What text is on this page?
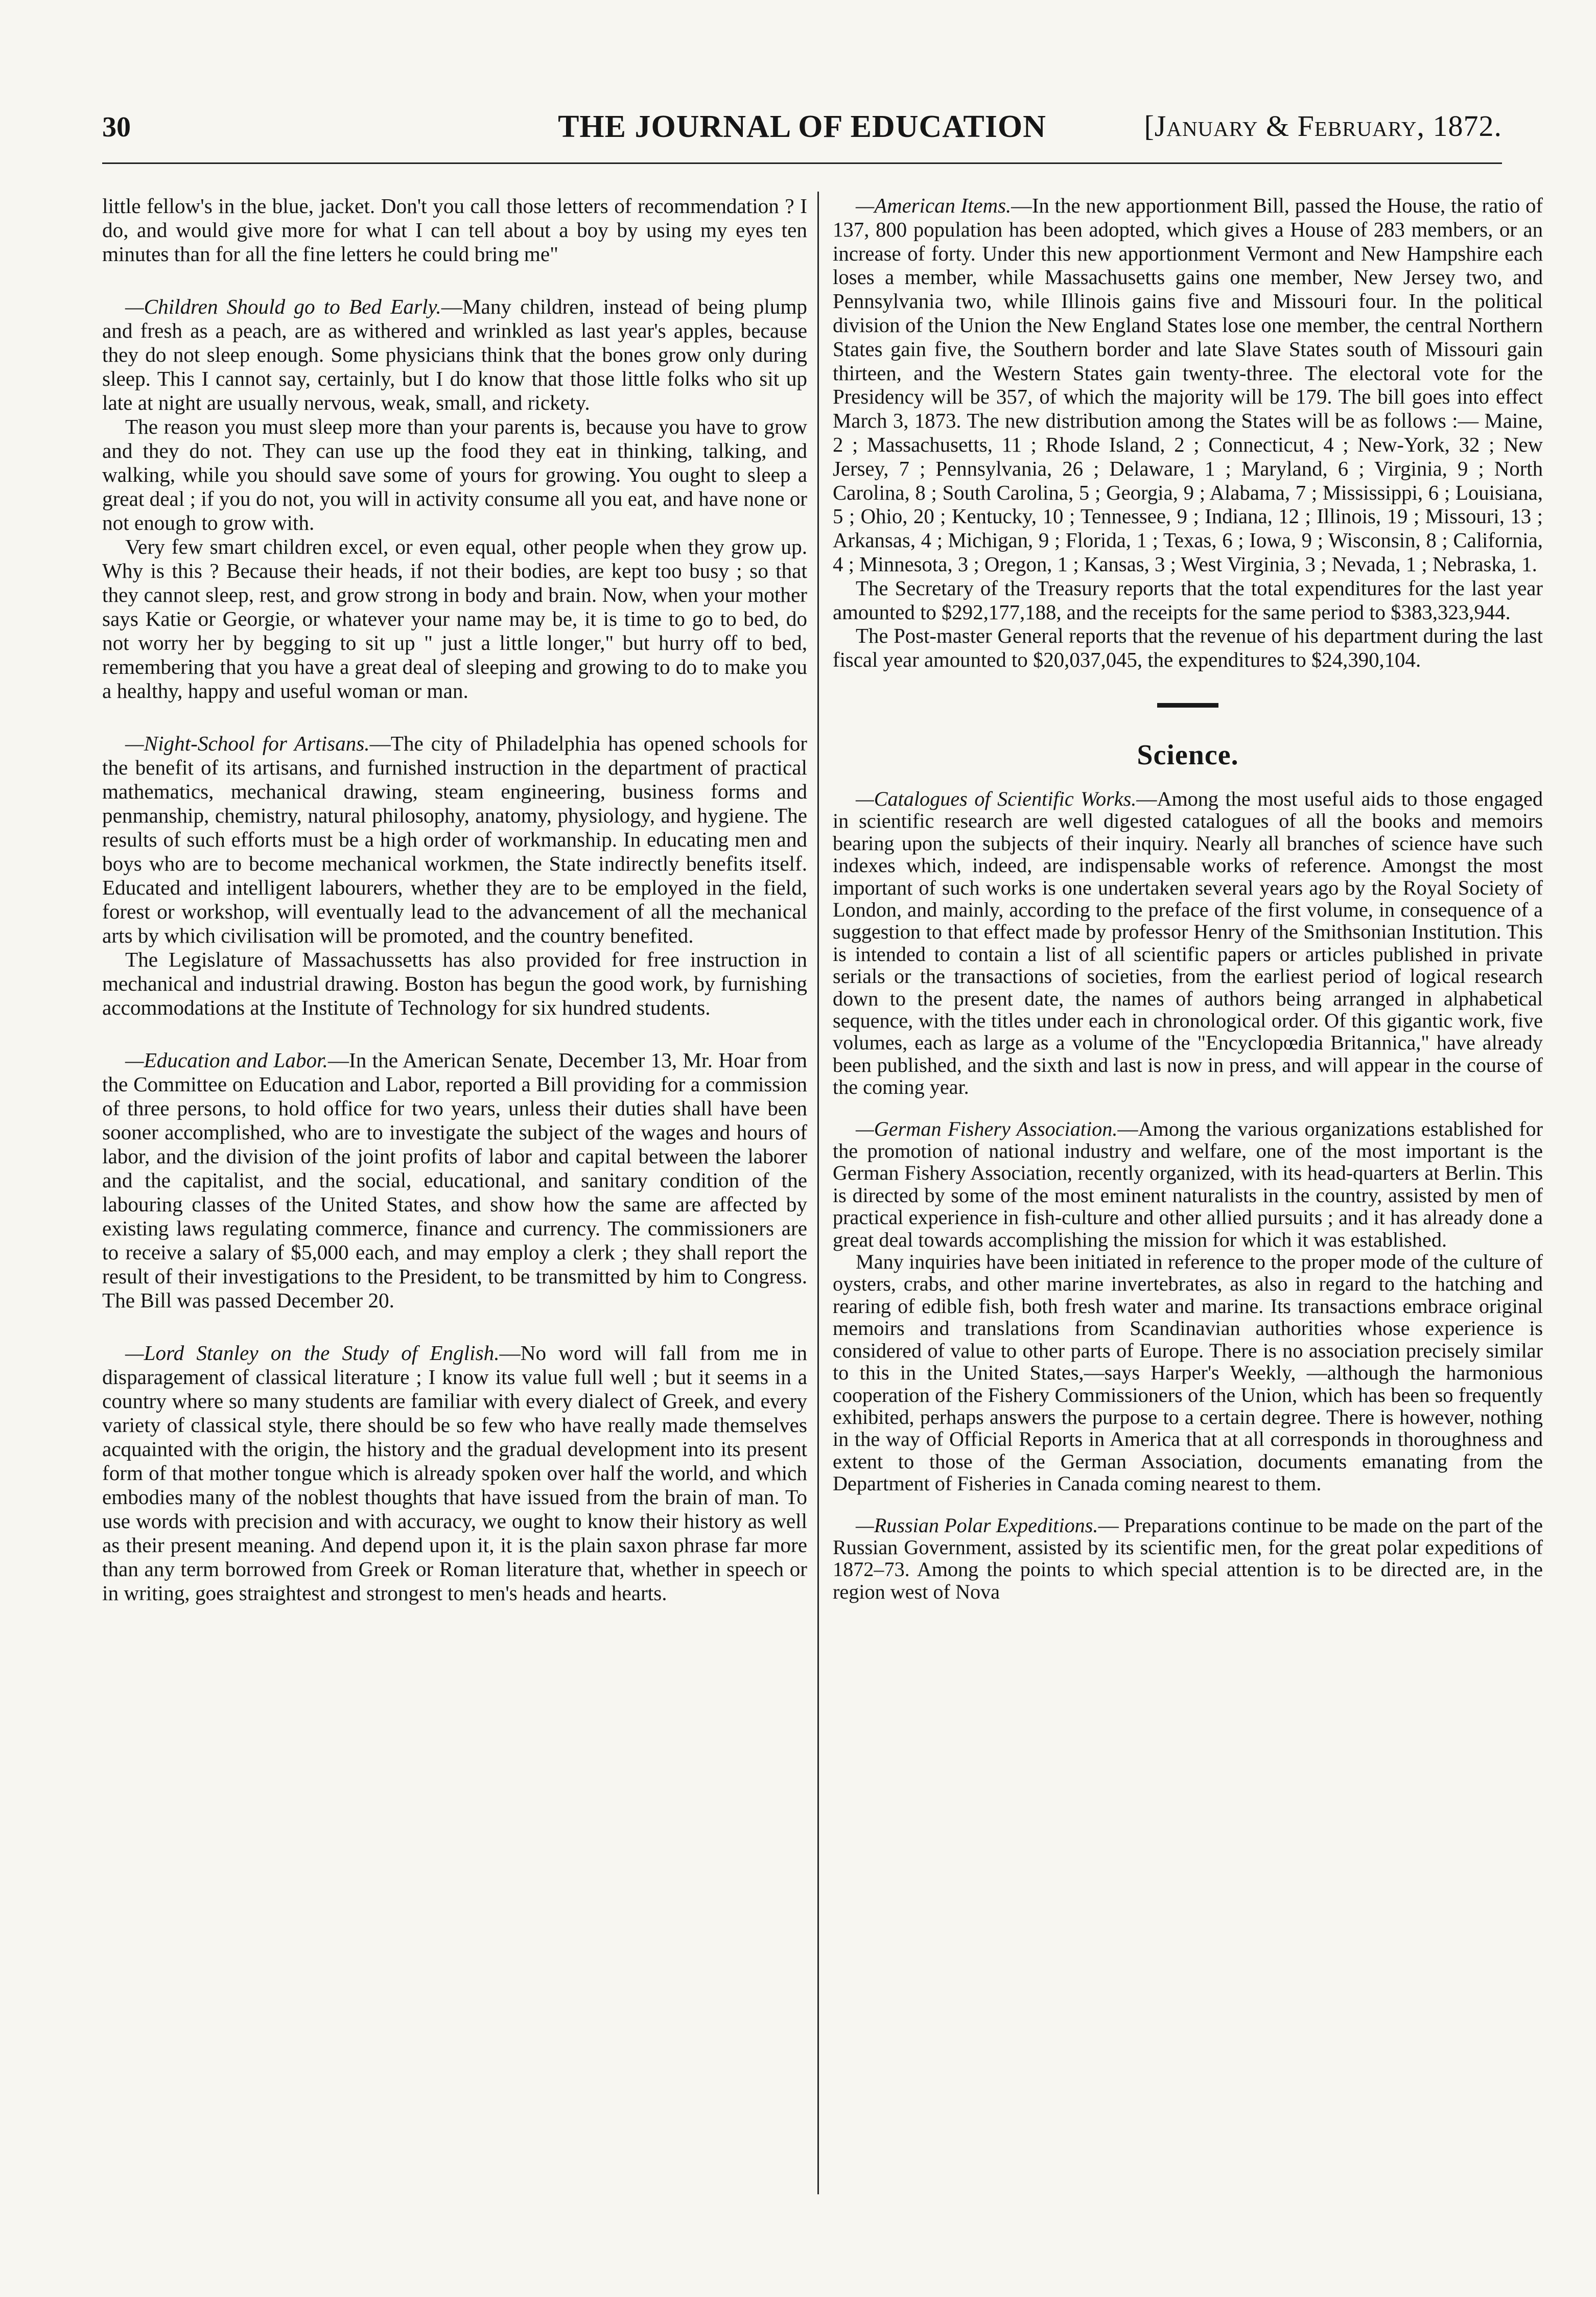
30	THE JOURNAL OF EDUCATION	[January & February, 1872.

little fellow's in the blue, jacket. Don't you call those letters of recommendation ? I do, and would give more for what I can tell about a boy by using my eyes ten minutes than for all the fine letters he could bring me"

—Children Should go to Bed Early.—Many children, instead of being plump and fresh as a peach, are as withered and wrinkled as last year's apples, because they do not sleep enough. Some physicians think that the bones grow only during sleep. This I cannot say, certainly, but I do know that those little folks who sit up late at night are usually nervous, weak, small, and rickety.

The reason you must sleep more than your parents is, because you have to grow and they do not. They can use up the food they eat in thinking, talking, and walking, while you should save some of yours for growing. You ought to sleep a great deal ; if you do not, you will in activity consume all you eat, and have none or not enough to grow with.

Very few smart children excel, or even equal, other people when they grow up. Why is this ? Because their heads, if not their bodies, are kept too busy ; so that they cannot sleep, rest, and grow strong in body and brain. Now, when your mother says Katie or Georgie, or whatever your name may be, it is time to go to bed, do not worry her by begging to sit up " just a little longer," but hurry off to bed, remembering that you have a great deal of sleeping and growing to do to make you a healthy, happy and useful woman or man.

—Night-School for Artisans.—The city of Philadelphia has opened schools for the benefit of its artisans, and furnished instruction in the department of practical mathematics, mechanical drawing, steam engineering, business forms and penmanship, chemistry, natural philosophy, anatomy, physiology, and hygiene. The results of such efforts must be a high order of workmanship. In educating men and boys who are to become mechanical workmen, the State indirectly benefits itself. Educated and intelligent labourers, whether they are to be employed in the field, forest or workshop, will eventually lead to the advancement of all the mechanical arts by which civilisation will be promoted, and the country benefited.

The Legislature of Massachussetts has also provided for free instruction in mechanical and industrial drawing. Boston has begun the good work, by furnishing accommodations at the Institute of Technology for six hundred students.

—Education and Labor.—In the American Senate, December 13, Mr. Hoar from the Committee on Education and Labor, reported a Bill providing for a commission of three persons, to hold office for two years, unless their duties shall have been sooner accomplished, who are to investigate the subject of the wages and hours of labor, and the division of the joint profits of labor and capital between the laborer and the capitalist, and the social, educational, and sanitary condition of the labouring classes of the United States, and show how the same are affected by existing laws regulating commerce, finance and currency. The commissioners are to receive a salary of $5,000 each, and may employ a clerk ; they shall report the result of their investigations to the President, to be transmitted by him to Congress. The Bill was passed December 20.

—Lord Stanley on the Study of English.—No word will fall from me in disparagement of classical literature ; I know its value full well ; but it seems in a country where so many students are familiar with every dialect of Greek, and every variety of classical style, there should be so few who have really made themselves acquainted with the origin, the history and the gradual development into its present form of that mother tongue which is already spoken over half the world, and which embodies many of the noblest thoughts that have issued from the brain of man. To use words with precision and with accuracy, we ought to know their history as well as their present meaning. And depend upon it, it is the plain saxon phrase far more than any term borrowed from Greek or Roman literature that, whether in speech or in writing, goes straightest and strongest to men's heads and hearts.

—American Items.—In the new apportionment Bill, passed the House, the ratio of 137, 800 population has been adopted, which gives a House of 283 members, or an increase of forty. Under this new apportionment Vermont and New Hampshire each loses a member, while Massachusetts gains one member, New Jersey two, and Pennsylvania two, while Illinois gains five and Missouri four. In the political division of the Union the New England States lose one member, the central Northern States gain five, the Southern border and late Slave States south of Missouri gain thirteen, and the Western States gain twenty-three. The electoral vote for the Presidency will be 357, of which the majority will be 179. The bill goes into effect March 3, 1873. The new distribution among the States will be as follows :— Maine, 2 ; Massachusetts, 11 ; Rhode Island, 2 ; Connecticut, 4 ; New-York, 32 ; New Jersey, 7 ; Pennsylvania, 26 ; Delaware, 1 ; Maryland, 6 ; Virginia, 9 ; North Carolina, 8 ; South Carolina, 5 ; Georgia, 9 ; Alabama, 7 ; Mississippi, 6 ; Louisiana, 5 ; Ohio, 20 ; Kentucky, 10 ; Tennessee, 9 ; Indiana, 12 ; Illinois, 19 ; Missouri, 13 ; Arkansas, 4 ; Michigan, 9 ; Florida, 1 ; Texas, 6 ; Iowa, 9 ; Wisconsin, 8 ; California, 4 ; Minnesota, 3 ; Oregon, 1 ; Kansas, 3 ; West Virginia, 3 ; Nevada, 1 ; Nebraska, 1.

The Secretary of the Treasury reports that the total expenditures for the last year amounted to $292,177,188, and the receipts for the same period to $383,323,944.

The Post-master General reports that the revenue of his department during the last fiscal year amounted to $20,037,045, the expenditures to $24,390,104.

Science.

—Catalogues of Scientific Works.—Among the most useful aids to those engaged in scientific research are well digested catalogues of all the books and memoirs bearing upon the subjects of their inquiry. Nearly all branches of science have such indexes which, indeed, are indispensable works of reference. Amongst the most important of such works is one undertaken several years ago by the Royal Society of London, and mainly, according to the preface of the first volume, in consequence of a suggestion to that effect made by professor Henry of the Smithsonian Institution. This is intended to contain a list of all scientific papers or articles published in private serials or the transactions of societies, from the earliest period of logical research down to the present date, the names of authors being arranged in alphabetical sequence, with the titles under each in chronological order. Of this gigantic work, five volumes, each as large as a volume of the "Encyclopœdia Britannica," have already been published, and the sixth and last is now in press, and will appear in the course of the coming year.

—German Fishery Association.—Among the various organizations established for the promotion of national industry and welfare, one of the most important is the German Fishery Association, recently organized, with its head-quarters at Berlin. This is directed by some of the most eminent naturalists in the country, assisted by men of practical experience in fish-culture and other allied pursuits ; and it has already done a great deal towards accomplishing the mission for which it was established.

Many inquiries have been initiated in reference to the proper mode of the culture of oysters, crabs, and other marine invertebrates, as also in regard to the hatching and rearing of edible fish, both fresh water and marine. Its transactions embrace original memoirs and translations from Scandinavian authorities whose experience is considered of value to other parts of Europe. There is no association precisely similar to this in the United States,—says Harper's Weekly, —although the harmonious cooperation of the Fishery Commissioners of the Union, which has been so frequently exhibited, perhaps answers the purpose to a certain degree. There is however, nothing in the way of Official Reports in America that at all corresponds in thoroughness and extent to those of the German Association, documents emanating from the Department of Fisheries in Canada coming nearest to them.

—Russian Polar Expeditions.— Preparations continue to be made on the part of the Russian Government, assisted by its scientific men, for the great polar expeditions of 1872–73. Among the points to which special attention is to be directed are, in the region west of Nova
